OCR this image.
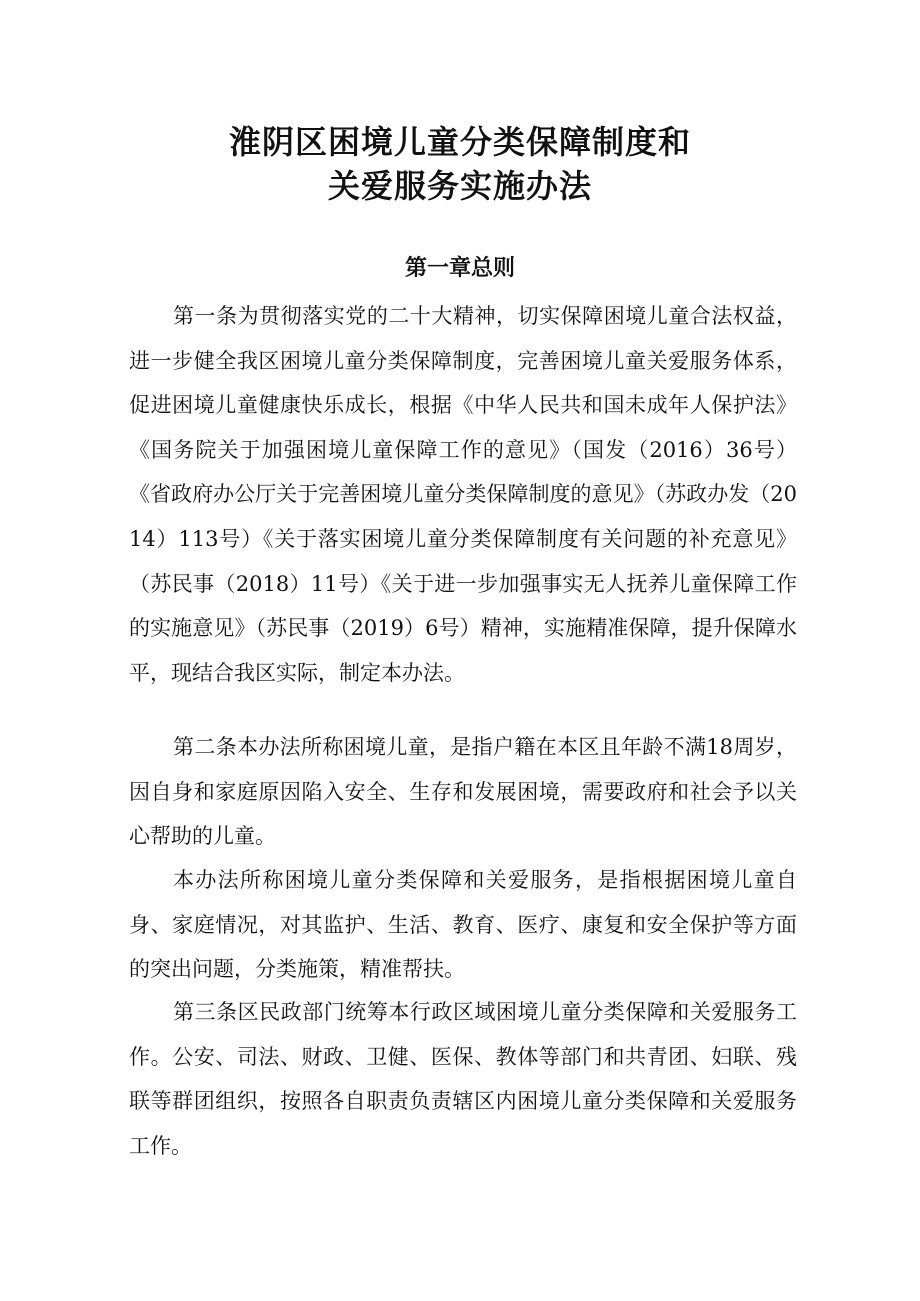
淮阴区困境儿童分类保障制度和
关爱服务实施办法
第一章总则

第一条为贯彻落实党的二十大精神，切实保障困境儿童合法权益，进一步健全我区困境儿童分类保障制度，完善困境儿童关爱服务体系，促进困境儿童健康快乐成长，根据《中华人民共和国未成年人保护法》《国务院关于加强困境儿童保障工作的意见》（国发（2016）36号）《省政府办公厅关于完善困境儿童分类保障制度的意见》（苏政办发（2014）113号）《关于落实困境儿童分类保障制度有关问题的补充意见》（苏民事（2018）11号）《关于进一步加强事实无人抚养儿童保障工作的实施意见》（苏民事（2019）6号）精神，实施精准保障，提升保障水平，现结合我区实际，制定本办法。

第二条本办法所称困境儿童，是指户籍在本区且年龄不满18周岁，因自身和家庭原因陷入安全、生存和发展困境，需要政府和社会予以关心帮助的儿童。

本办法所称困境儿童分类保障和关爱服务，是指根据困境儿童自身、家庭情况，对其监护、生活、教育、医疗、康复和安全保护等方面的突出问题，分类施策，精准帮扶。

第三条区民政部门统筹本行政区域困境儿童分类保障和关爱服务工作。公安、司法、财政、卫健、医保、教体等部门和共青团、妇联、残联等群团组织，按照各自职责负责辖区内困境儿童分类保障和关爱服务工作。
